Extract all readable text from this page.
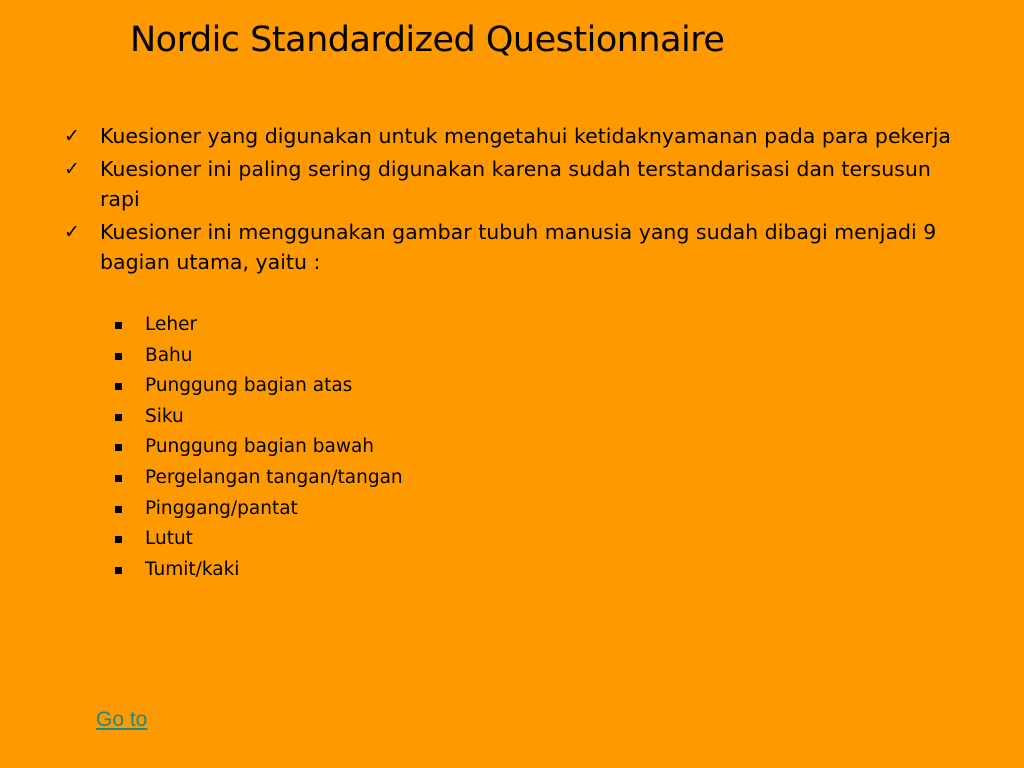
Nordic Standardized Questionnaire
✓ Kuesioner yang digunakan untuk mengetahui ketidaknyamanan pada para pekerja
✓ Kuesioner ini paling sering digunakan karena sudah terstandarisasi dan tersusun rapi
✓ Kuesioner ini menggunakan gambar tubuh manusia yang sudah dibagi menjadi 9 bagian utama, yaitu :
Leher
Bahu
Punggung bagian atas
Siku
Punggung bagian bawah
Pergelangan tangan/tangan
Pinggang/pantat
Lutut
Tumit/kaki
Go to
